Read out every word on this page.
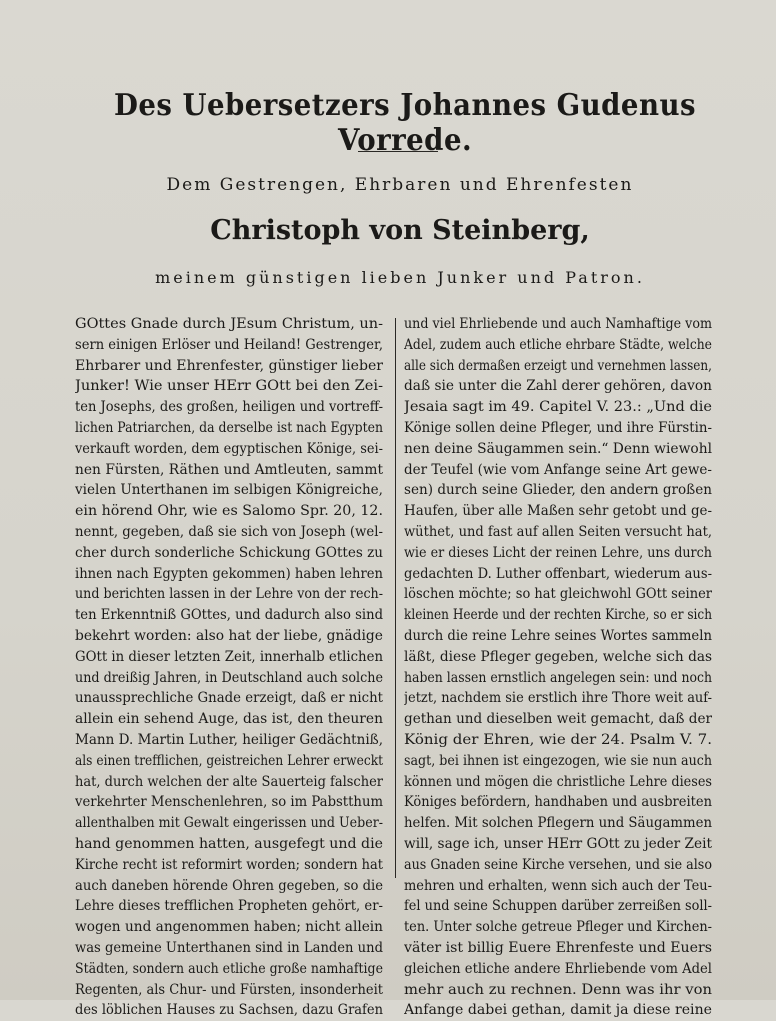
Des Uebersetzers Johannes Gudenus Vorrede.
Dem Gestrengen, Ehrbaren und Ehrenfesten
Christoph von Steinberg,
meinem günstigen lieben Junker und Patron.
GOttes Gnade durch JEsum Christum, un-
sern einigen Erlöser und Heiland! Gestrenger,
Ehrbarer und Ehrenfester, günstiger lieber
Junker! Wie unser HErr GOtt bei den Zei-
ten Josephs, des großen, heiligen und vortreff-
lichen Patriarchen, da derselbe ist nach Egypten
verkauft worden, dem egyptischen Könige, sei-
nen Fürsten, Räthen und Amtleuten, sammt
vielen Unterthanen im selbigen Königreiche,
ein hörend Ohr, wie es Salomo Spr. 20, 12.
nennt, gegeben, daß sie sich von Joseph (wel-
cher durch sonderliche Schickung GOttes zu
ihnen nach Egypten gekommen) haben lehren
und berichten lassen in der Lehre von der rech-
ten Erkenntniß GOttes, und dadurch also sind
bekehrt worden: also hat der liebe, gnädige
GOtt in dieser letzten Zeit, innerhalb etlichen
und dreißig Jahren, in Deutschland auch solche
unaussprechliche Gnade erzeigt, daß er nicht
allein ein sehend Auge, das ist, den theuren
Mann D. Martin Luther, heiliger Gedächtniß,
als einen trefflichen, geistreichen Lehrer erweckt
hat, durch welchen der alte Sauerteig falscher
verkehrter Menschenlehren, so im Pabstthum
allenthalben mit Gewalt eingerissen und Ueber-
hand genommen hatten, ausgefegt und die
Kirche recht ist reformirt worden; sondern hat
auch daneben hörende Ohren gegeben, so die
Lehre dieses trefflichen Propheten gehört, er-
wogen und angenommen haben; nicht allein
was gemeine Unterthanen sind in Landen und
Städten, sondern auch etliche große namhaftige
Regenten, als Chur- und Fürsten, insonderheit
des löblichen Hauses zu Sachsen, dazu Grafen
und viel Ehrliebende und auch Namhaftige vom
Adel, zudem auch etliche ehrbare Städte, welche
alle sich dermaßen erzeigt und vernehmen lassen,
daß sie unter die Zahl derer gehören, davon
Jesaia sagt im 49. Capitel V. 23.: „Und die
Könige sollen deine Pfleger, und ihre Fürstin-
nen deine Säugammen sein.“ Denn wiewohl
der Teufel (wie vom Anfange seine Art gewe-
sen) durch seine Glieder, den andern großen
Haufen, über alle Maßen sehr getobt und ge-
wüthet, und fast auf allen Seiten versucht hat,
wie er dieses Licht der reinen Lehre, uns durch
gedachten D. Luther offenbart, wiederum aus-
löschen möchte; so hat gleichwohl GOtt seiner
kleinen Heerde und der rechten Kirche, so er sich
durch die reine Lehre seines Wortes sammeln
läßt, diese Pfleger gegeben, welche sich das
haben lassen ernstlich angelegen sein: und noch
jetzt, nachdem sie erstlich ihre Thore weit auf-
gethan und dieselben weit gemacht, daß der
König der Ehren, wie der 24. Psalm V. 7.
sagt, bei ihnen ist eingezogen, wie sie nun auch
können und mögen die christliche Lehre dieses
Königes befördern, handhaben und ausbreiten
helfen. Mit solchen Pflegern und Säugammen
will, sage ich, unser HErr GOtt zu jeder Zeit
aus Gnaden seine Kirche versehen, und sie also
mehren und erhalten, wenn sich auch der Teu-
fel und seine Schuppen darüber zerreißen soll-
ten. Unter solche getreue Pfleger und Kirchen-
väter ist billig Euere Ehrenfeste und Euers
gleichen etliche andere Ehrliebende vom Adel
mehr auch zu rechnen. Denn was ihr von
Anfange dabei gethan, damit ja diese reine
